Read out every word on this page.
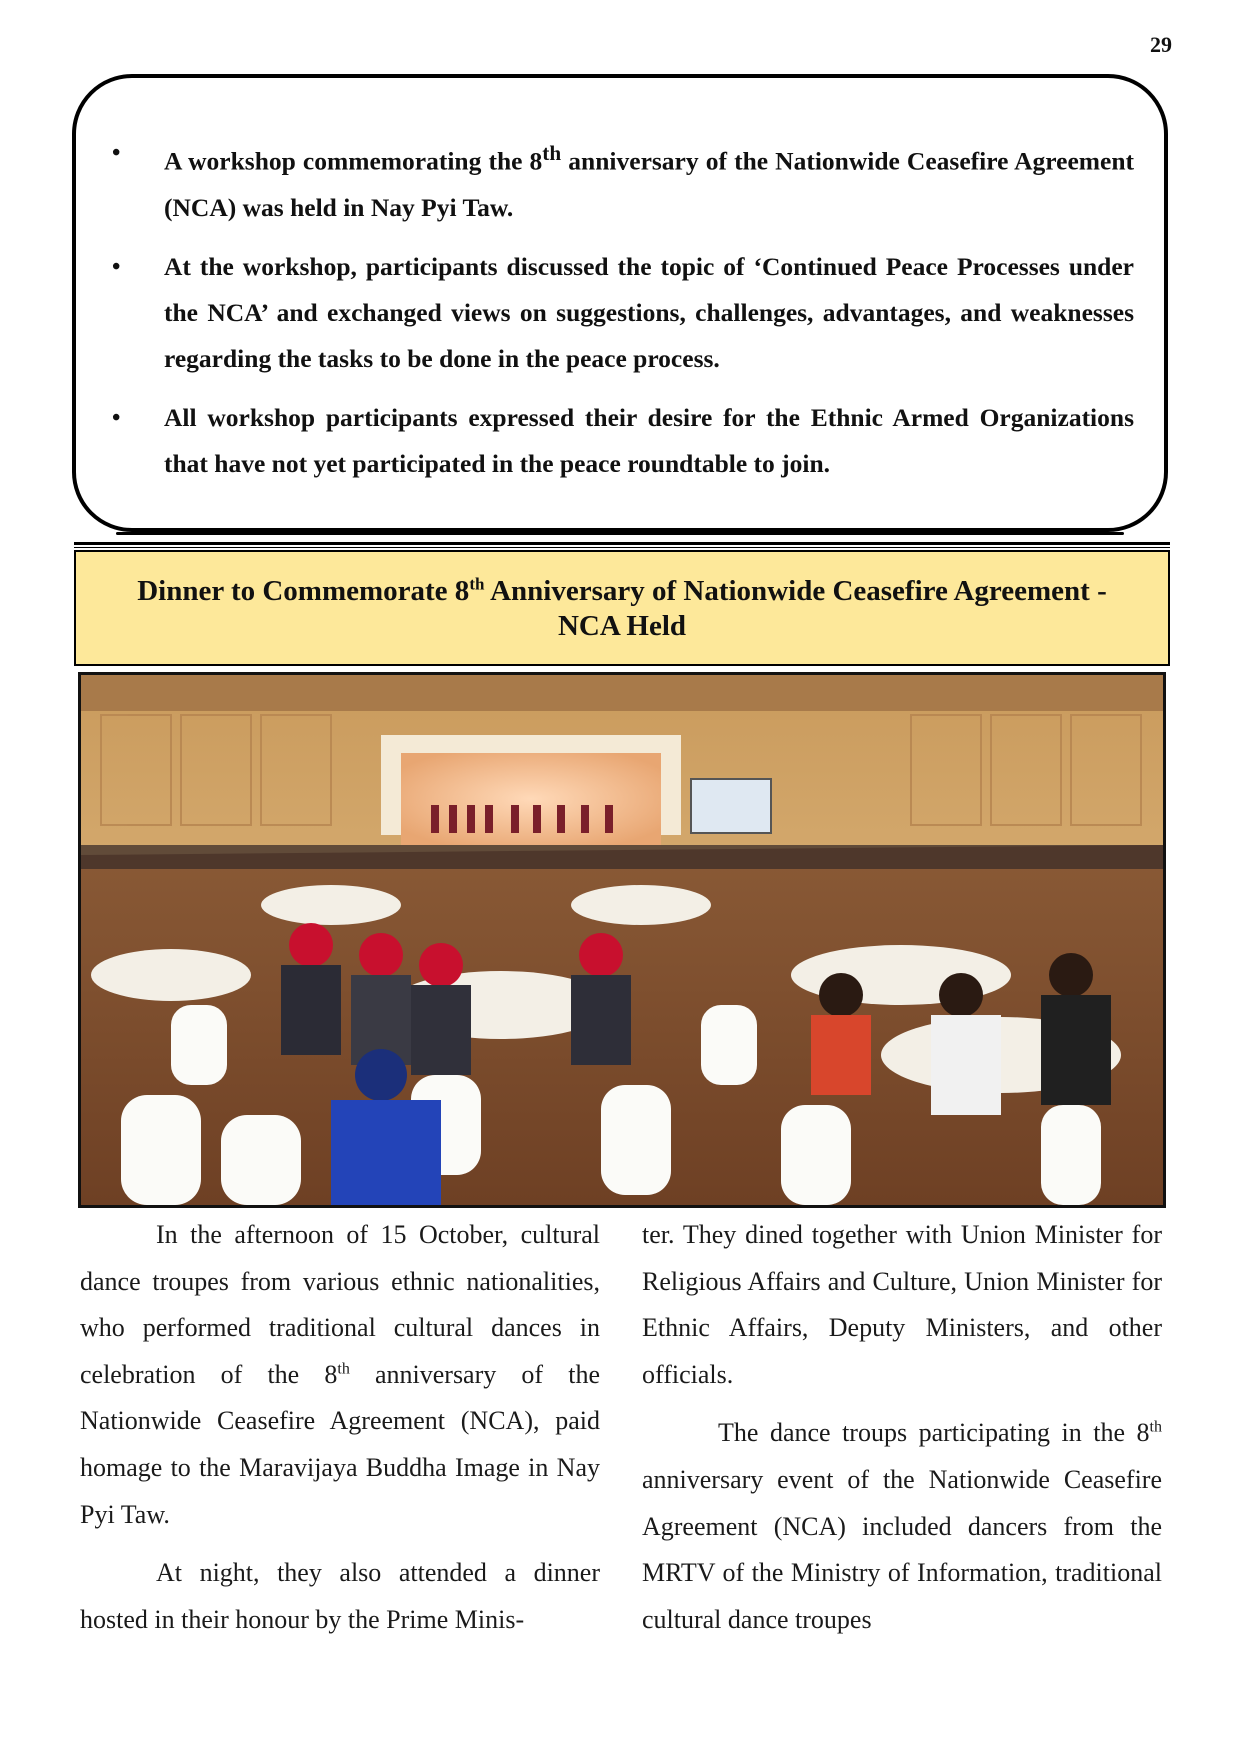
29
• A workshop commemorating the 8th anniversary of the Nationwide Ceasefire Agreement (NCA) was held in Nay Pyi Taw.
• At the workshop, participants discussed the topic of ‘Continued Peace Processes under the NCA’ and exchanged views on suggestions, challenges, advantages, and weaknesses regarding the tasks to be done in the peace process.
• All workshop participants expressed their desire for the Ethnic Armed Organizations that have not yet participated in the peace roundtable to join.
Dinner to Commemorate 8th Anniversary of Nationwide Ceasefire Agreement -
NCA Held

In the afternoon of 15 October, cultural dance troupes from various ethnic nationalities, who performed traditional cultural dances in celebration of the 8th anniversary of the Nationwide Ceasefire Agreement (NCA), paid homage to the Maravijaya Buddha Image in Nay Pyi Taw.

At night, they also attended a dinner hosted in their honour by the Prime Minis-

ter. They dined together with Union Minister for Religious Affairs and Culture, Union Minister for Ethnic Affairs, Deputy Ministers, and other officials.

The dance troups participating in the 8th anniversary event of the Nationwide Ceasefire Agreement (NCA) included dancers from the MRTV of the Ministry of Information, traditional cultural dance troupes
